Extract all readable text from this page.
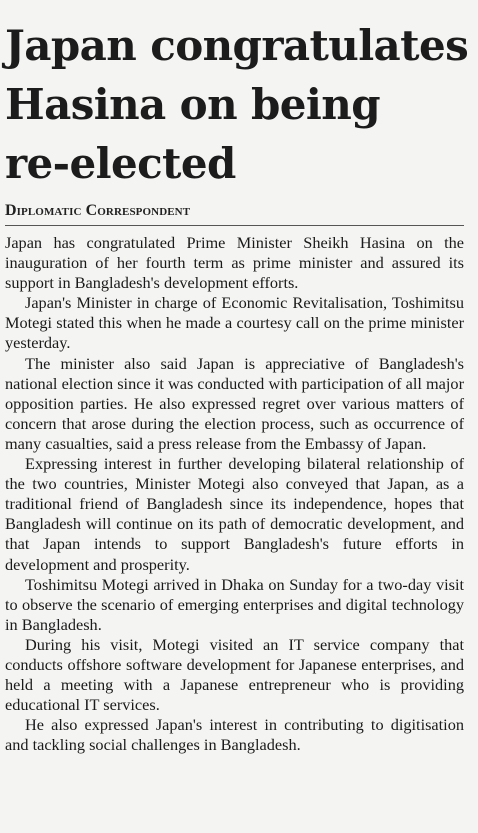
Japan congratulates
Hasina on being
re-elected
Diplomatic Correspondent

Japan has congratulated Prime Minister Sheikh Hasina on the inauguration of her fourth term as prime minister and assured its support in Bangladesh's development efforts.

Japan's Minister in charge of Economic Revitalisation, Toshimitsu Motegi stated this when he made a courtesy call on the prime minister yesterday.

The minister also said Japan is appreciative of Bangladesh's national election since it was conducted with participation of all major opposition parties. He also expressed regret over various matters of concern that arose during the election process, such as occurrence of many casualties, said a press release from the Embassy of Japan.

Expressing interest in further developing bilateral relationship of the two countries, Minister Motegi also conveyed that Japan, as a traditional friend of Bangladesh since its independence, hopes that Bangladesh will continue on its path of democratic development, and that Japan intends to support Bangladesh's future efforts in development and prosperity.

Toshimitsu Motegi arrived in Dhaka on Sunday for a two-day visit to observe the scenario of emerging enterprises and digital technology in Bangladesh.

During his visit, Motegi visited an IT service company that conducts offshore software development for Japanese enterprises, and held a meeting with a Japanese entrepreneur who is providing educational IT services.

He also expressed Japan's interest in contributing to digitisation and tackling social challenges in Bangladesh.
